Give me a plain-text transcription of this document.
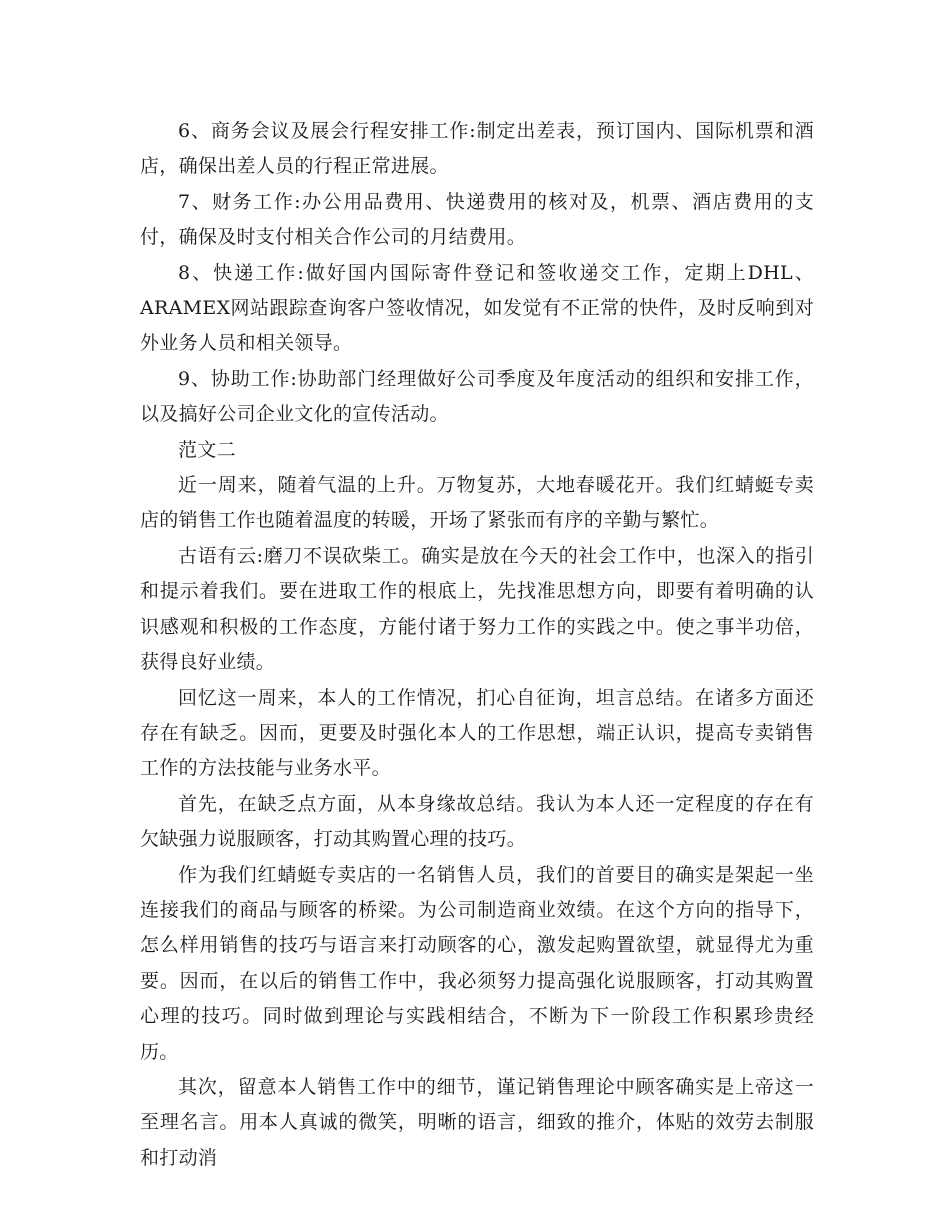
6、商务会议及展会行程安排工作:制定出差表，预订国内、国际机票和酒店，确保出差人员的行程正常进展。

7、财务工作:办公用品费用、快递费用的核对及，机票、酒店费用的支付，确保及时支付相关合作公司的月结费用。

8、快递工作:做好国内国际寄件登记和签收递交工作，定期上DHL、ARAMEX网站跟踪查询客户签收情况，如发觉有不正常的快件，及时反响到对外业务人员和相关领导。

9、协助工作:协助部门经理做好公司季度及年度活动的组织和安排工作，以及搞好公司企业文化的宣传活动。

范文二

近一周来，随着气温的上升。万物复苏，大地春暖花开。我们红蜻蜓专卖店的销售工作也随着温度的转暖，开场了紧张而有序的辛勤与繁忙。

古语有云:磨刀不误砍柴工。确实是放在今天的社会工作中，也深入的指引和提示着我们。要在进取工作的根底上，先找准思想方向，即要有着明确的认识感观和积极的工作态度，方能付诸于努力工作的实践之中。使之事半功倍，获得良好业绩。

回忆这一周来，本人的工作情况，扪心自征询，坦言总结。在诸多方面还存在有缺乏。因而，更要及时强化本人的工作思想，端正认识，提高专卖销售工作的方法技能与业务水平。

首先，在缺乏点方面，从本身缘故总结。我认为本人还一定程度的存在有欠缺强力说服顾客，打动其购置心理的技巧。

作为我们红蜻蜓专卖店的一名销售人员，我们的首要目的确实是架起一坐连接我们的商品与顾客的桥梁。为公司制造商业效绩。在这个方向的指导下，怎么样用销售的技巧与语言来打动顾客的心，激发起购置欲望，就显得尤为重要。因而，在以后的销售工作中，我必须努力提高强化说服顾客，打动其购置心理的技巧。同时做到理论与实践相结合，不断为下一阶段工作积累珍贵经历。

其次，留意本人销售工作中的细节，谨记销售理论中顾客确实是上帝这一至理名言。用本人真诚的微笑，明晰的语言，细致的推介，体贴的效劳去制服和打动消
